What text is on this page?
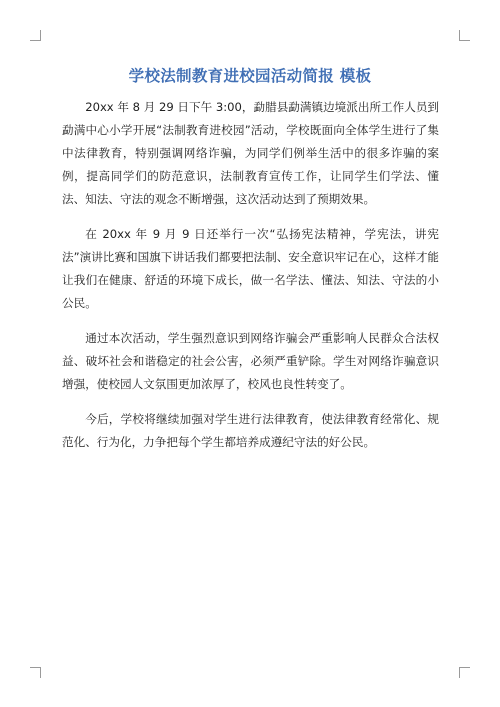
学校法制教育进校园活动简报 模板

20xx 年 8 月 29 日下午 3:00，勐腊县勐满镇边境派出所工作人员到勐满中心小学开展“法制教育进校园”活动，学校既面向全体学生进行了集中法律教育，特别强调网络诈骗，为同学们例举生活中的很多诈骗的案例，提高同学们的防范意识，法制教育宣传工作，让同学生们学法、懂法、知法、守法的观念不断增强，这次活动达到了预期效果。

在 20xx 年 9 月 9 日还举行一次“弘扬宪法精神，学宪法，讲宪法”演讲比赛和国旗下讲话我们都要把法制、安全意识牢记在心，这样才能让我们在健康、舒适的环境下成长，做一名学法、懂法、知法、守法的小公民。

通过本次活动，学生强烈意识到网络诈骗会严重影响人民群众合法权益、破坏社会和谐稳定的社会公害，必须严重铲除。学生对网络诈骗意识增强，使校园人文氛围更加浓厚了，校风也良性转变了。

今后，学校将继续加强对学生进行法律教育，使法律教育经常化、规范化、行为化，力争把每个学生都培养成遵纪守法的好公民。
